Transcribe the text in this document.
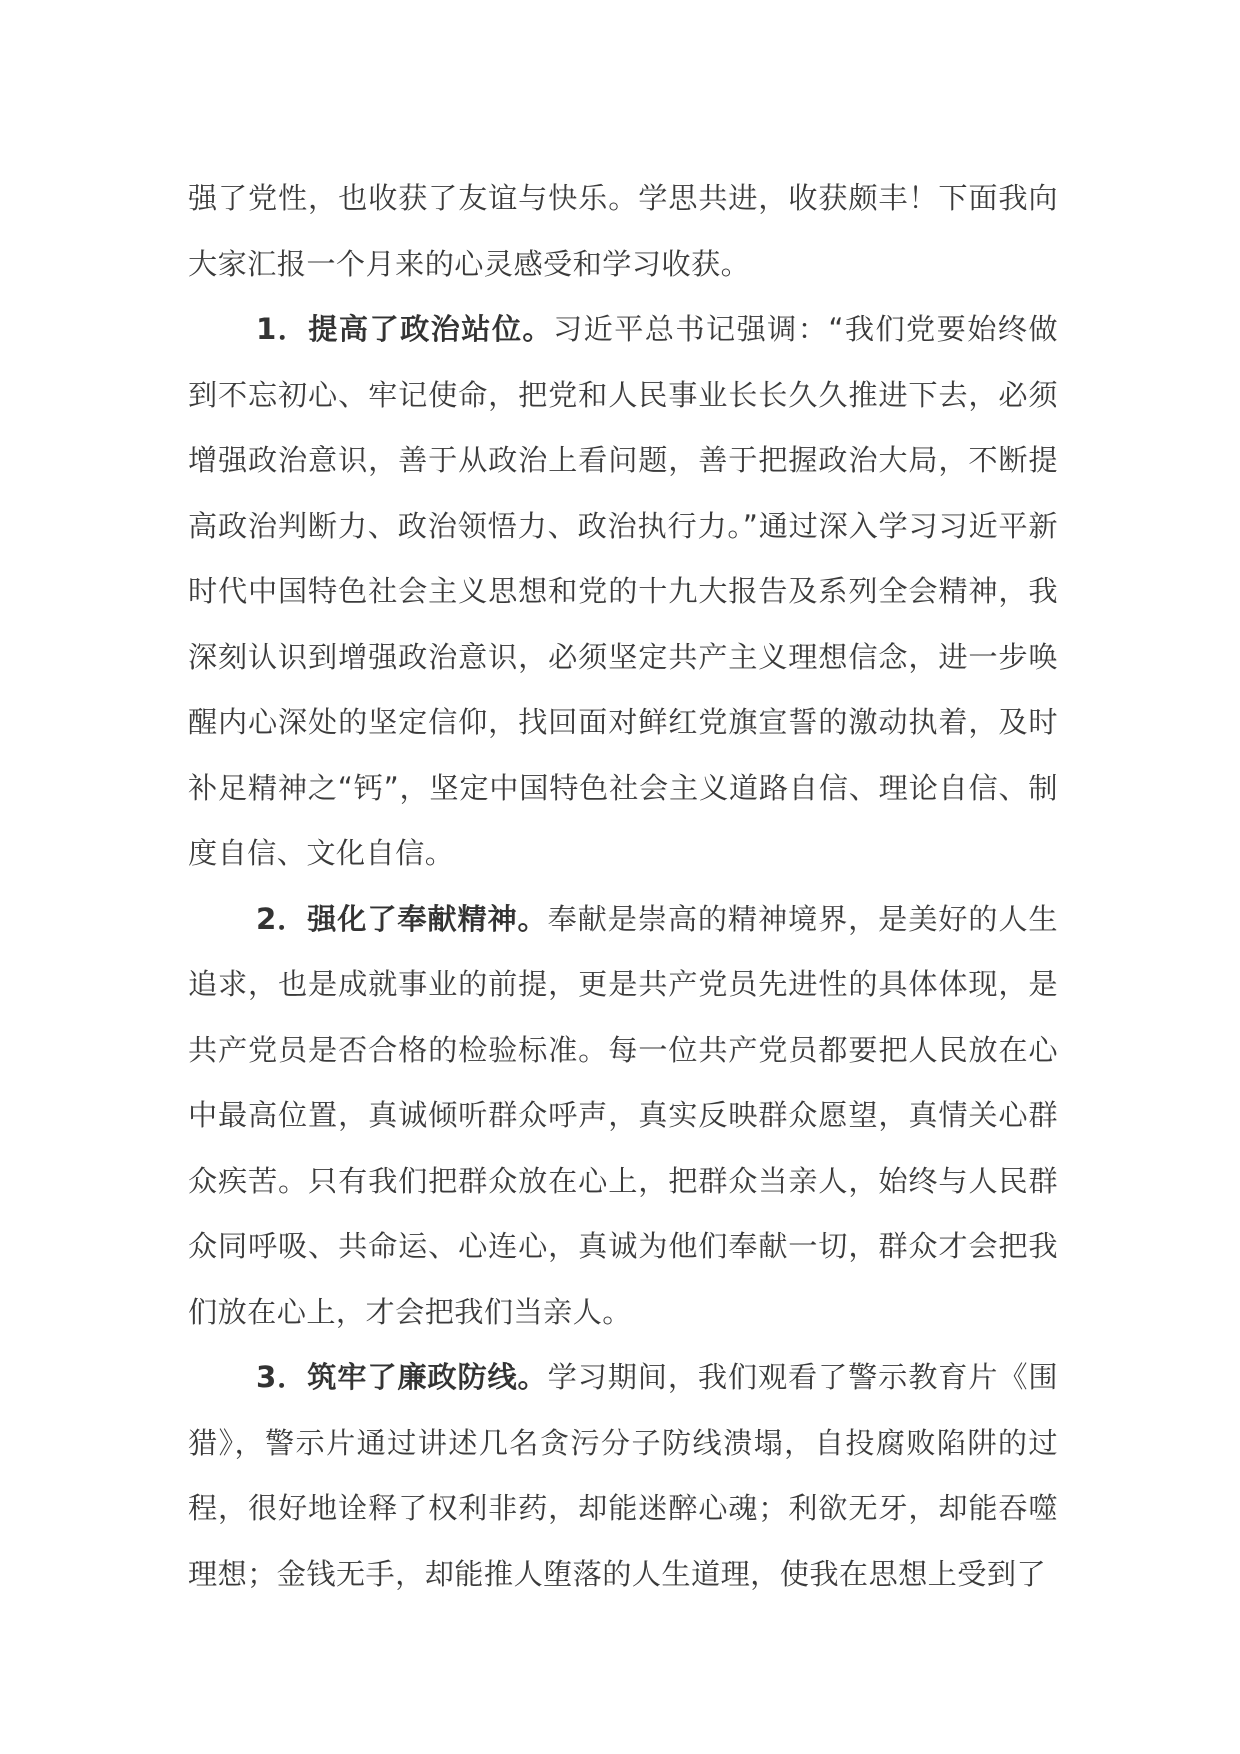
强了党性，也收获了友谊与快乐。学思共进，收获颇丰！下面我向大家汇报一个月来的心灵感受和学习收获。

1．提高了政治站位。习近平总书记强调：“我们党要始终做到不忘初心、牢记使命，把党和人民事业长长久久推进下去，必须增强政治意识，善于从政治上看问题，善于把握政治大局，不断提高政治判断力、政治领悟力、政治执行力。”通过深入学习习近平新时代中国特色社会主义思想和党的十九大报告及系列全会精神，我深刻认识到增强政治意识，必须坚定共产主义理想信念，进一步唤醒内心深处的坚定信仰，找回面对鲜红党旗宣誓的激动执着，及时补足精神之“钙”，坚定中国特色社会主义道路自信、理论自信、制度自信、文化自信。

2．强化了奉献精神。奉献是崇高的精神境界，是美好的人生追求，也是成就事业的前提，更是共产党员先进性的具体体现，是共产党员是否合格的检验标准。每一位共产党员都要把人民放在心中最高位置，真诚倾听群众呼声，真实反映群众愿望，真情关心群众疾苦。只有我们把群众放在心上，把群众当亲人，始终与人民群众同呼吸、共命运、心连心，真诚为他们奉献一切，群众才会把我们放在心上，才会把我们当亲人。

3．筑牢了廉政防线。学习期间，我们观看了警示教育片《围猎》，警示片通过讲述几名贪污分子防线溃塌，自投腐败陷阱的过程，很好地诠释了权利非药，却能迷醉心魂；利欲无牙，却能吞噬理想；金钱无手，却能推人堕落的人生道理，使我在思想上受到了
